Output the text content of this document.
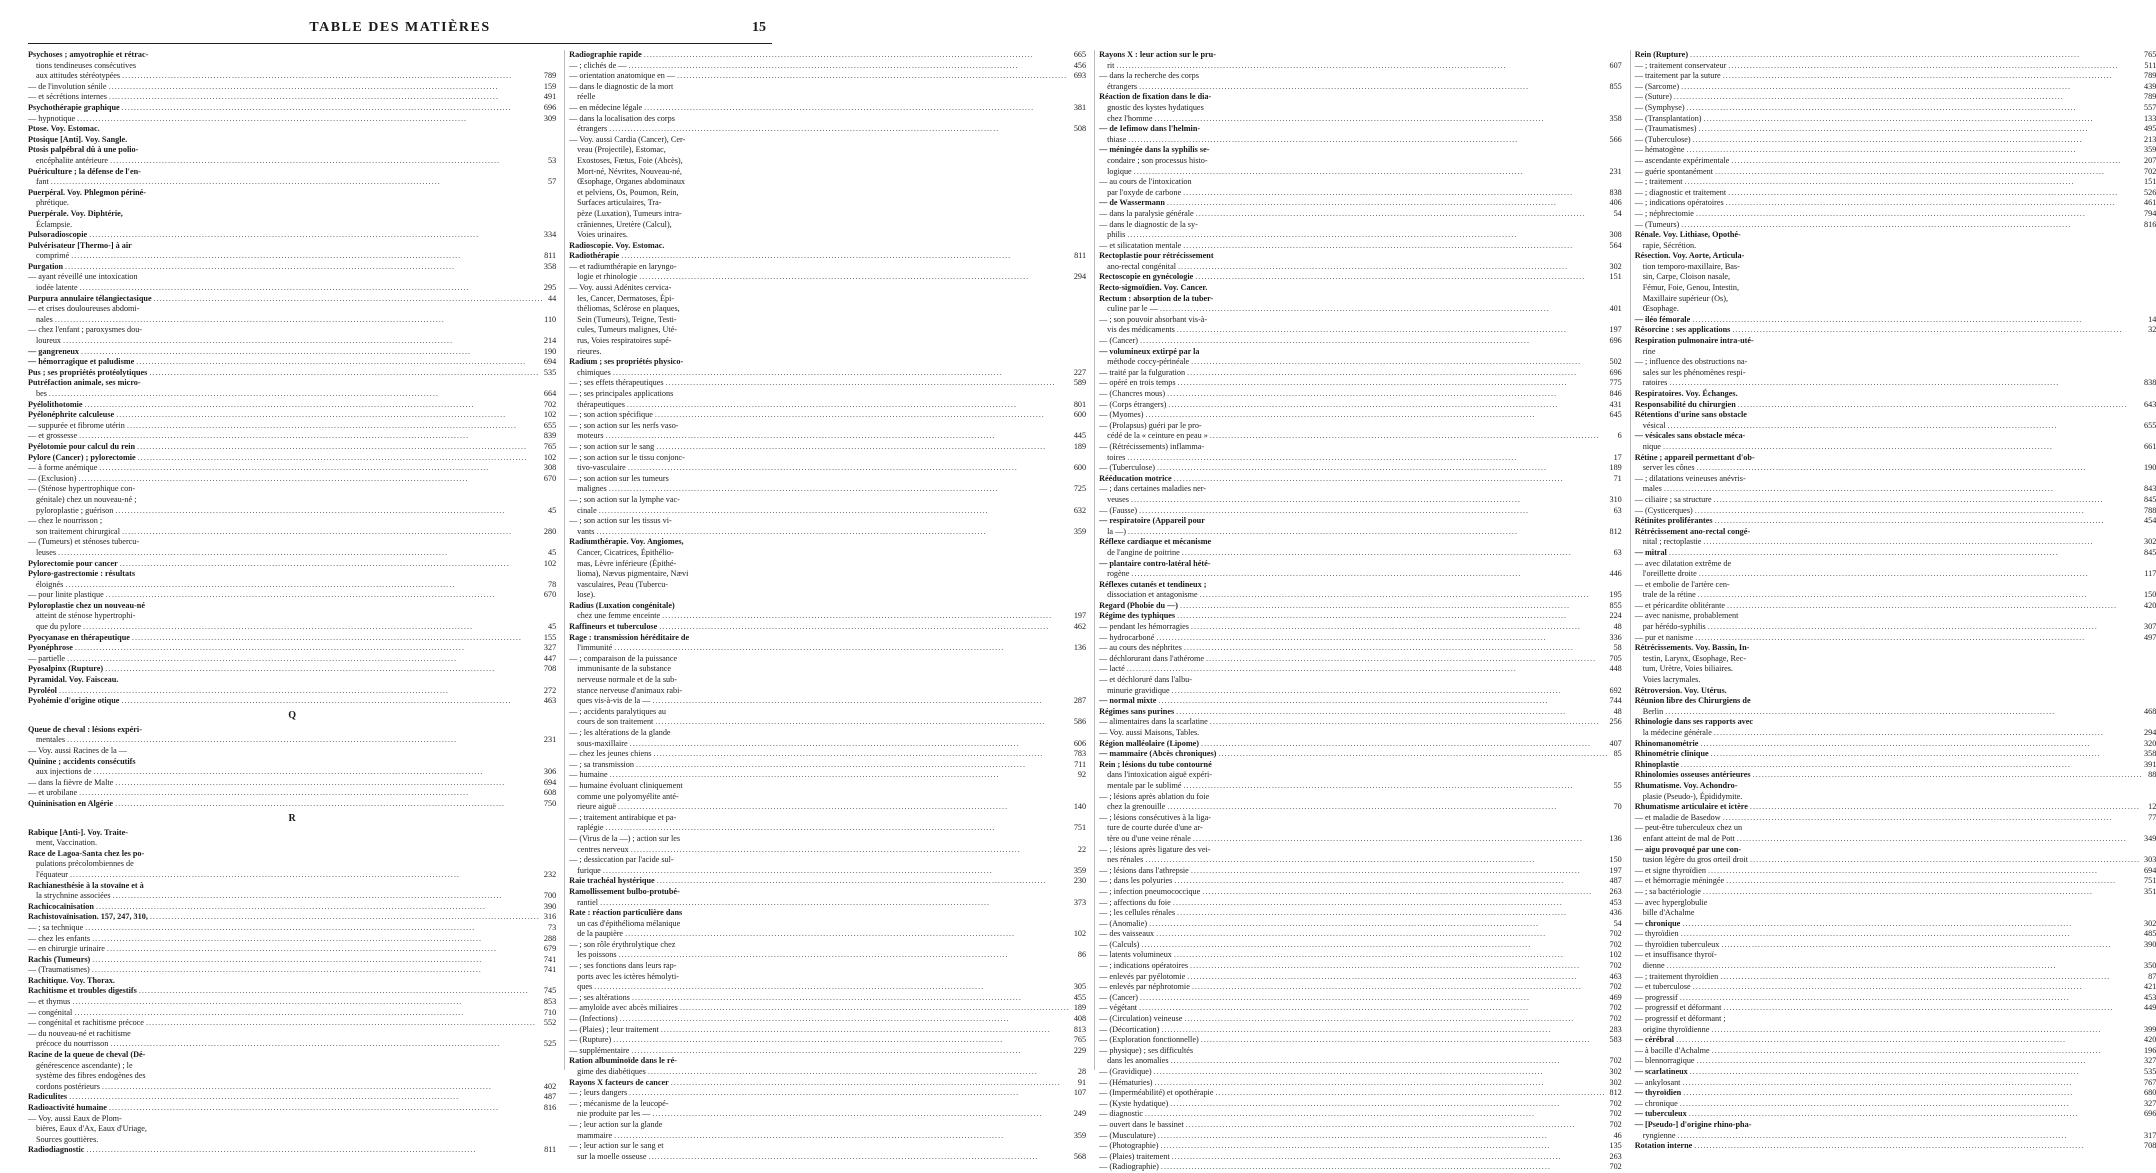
TABLE DES MATIÈRES	15
Psychoses ; amyotrophie et rétrac-
tions tendineuses consécutives
aux attitudes stéréotypées .....	789
— de l'involution sénile .....	159
— et sécrétions internes .....	491
Psychothérapie graphique .....	696
— hypnotique .....	309
Ptose. Voy. Estomac.
Ptosique [Anti]. Voy. Sangle.
Ptosis palpébral dû à une polio-
encéphalite antérieure .....	53
Puériculture ; la défense de l'en-
fant .....	57
Puerpéral. Voy. Phlegmon périné-
phrétique.
Puerpérale. Voy. Diphtérie,
Éclampsie.
Pulsoradioscopie .....	334
Pulvérisateur [Thermo-] à air
comprimé .....	811
Purgation .....	358
— ayant réveillé une intoxication
iodée latente .....	295
Purpura annulaire télangiectasique .....	44
— et crises douloureuses abdomi-
nales .....	110
— chez l'enfant ; paroxysmes dou-
loureux .....	214
— gangreneux .....	190
— hémorragique et paludisme .....	694
Pus ; ses propriétés protéolytiques .....	535
Putréfaction animale, ses micro-
bes .....	664
Pyélolithotomie .....	702
Pyélonéphrite calculeuse .....	102
— suppurée et fibrome utérin .....	655
— et grossesse .....	839
Pyélotomie pour calcul du rein .....	765
Pylore (Cancer) ; pylorectomie .....	102
— à forme anémique .....	308
— (Exclusion) .....	670
— (Sténose hypertrophique con-
génitale) chez un nouveau-né ;
pyloroplastie ; guérison .....	45
— chez le nourrisson ;
son traitement chirurgical .....	280
— (Tumeurs) et sténoses tubercu-
leuses .....	45
Pylorectomie pour cancer .....	102
Pyloro-gastrectomie : résultats
éloignés .....	78
— pour linite plastique .....	670
Pyloroplastie chez un nouveau-né
atteint de sténose hypertrophi-
que du pylore .....	45
Pyocyanase en thérapeutique .....	155
Pyonéphrose .....	327
— partielle .....	447
Pyosalpinx (Rupture) .....	708
Pyramidal. Voy. Faisceau.
Pyroléol .....	272
Pyohémie d'origine otique .....	463
Q
Queue de cheval : lésions expéri-
mentales .....	231
— Voy. aussi Racines de la —
Quinine ; accidents consécutifs
aux injections de .....	306
— dans la fièvre de Malte .....	694
— et urobilane .....	608
Quininisation en Algérie .....	750
R
Rabique [Anti-]. Voy. Traite-
ment, Vaccination.
Race de Lagoa-Santa chez les po-
pulations précolombiennes de
l'équateur .....	232
Rachianesthésie à la stovaïne et à
la strychnine associées .....	700
Rachicocaïnisation .....	390
Rachistovaïnisation. 157, 247, 310, .....	316
— ; sa technique .....	73
— chez les enfants .....	288
— en chirurgie urinaire .....	679
Rachis (Tumeurs) .....	741
— (Traumatismes) .....	741
Rachitique. Voy. Thorax.
Rachitisme et troubles digestifs .....	745
— et thymus .....	853
— congénital .....	710
— congénital et rachitisme précoce .....	552
— du nouveau-né et rachitisme
précoce du nourrisson .....	525
Racine de la queue de cheval (Dé-
générescence ascendante) ; le
système des fibres endogènes des
cordons postérieurs .....	402
Radiculites .....	487
Radioactivité humaine .....	816
— Voy. aussi Eaux de Plom-
bières, Eaux d'Ax, Eaux d'Uriage,
Sources gouttières.
Radiodiagnostic .....	811
Radiographie rapide .....	665
— ; clichés de — .....	456
— orientation anatomique en — .....	693
— dans le diagnostic de la mort
réelle
— en médecine légale .....	381
— dans la localisation des corps
étrangers .....	508
— Voy. aussi Cardia (Cancer), Cer-
veau (Projectile), Estomac,
Exostoses, Fœtus, Foie (Abcès),
Mort-né, Névrites, Nouveau-né,
Œsophage, Organes abdominaux
et pelviens, Os, Poumon, Rein,
Surfaces articulaires, Tra-
pèze (Luxation), Tumeurs intra-
crâniennes, Uretère (Calcul),
Voies urinaires.
Radioscopie. Voy. Estomac.
Radiothérapie .....	811
— et radiumthérapie en laryngo-
logie et rhinologie .....	294
— Voy. aussi Adénites cervica-
les, Cancer, Dermatoses, Épi-
théliomas, Sclérose en plaques,
Sein (Tumeurs), Teigne, Testi-
cules, Tumeurs malignes, Uté-
rus, Voies respiratoires supé-
rieures.
Radium ; ses propriétés physico-
chimiques .....	227
— ; ses effets thérapeutiques .....	589
— ; ses principales applications
thérapeutiques .....	801
— ; son action spécifique .....	600
— ; son action sur les nerfs vaso-
moteurs .....	445
— ; son action sur le sang .....	189
— ; son action sur le tissu conjonc-
tivo-vasculaire .....	600
— ; son action sur les tumeurs
malignes .....	725
— ; son action sur la lymphe vac-
cinale .....	632
— ; son action sur les tissus vi-
vants .....	359
Radiumthérapie. Voy. Angiomes,
Cancer, Cicatrices, Épithélio-
mas, Lèvre inférieure (Épithé-
lioma), Nævus pigmentaire, Nævi
vasculaires, Peau (Tubercu-
lose).
Radius (Luxation congénitale)
chez une femme enceinte .....	197
Raffineurs et tuberculose .....	462
Rage : transmission héréditaire de
l'immunité .....	136
— ; comparaison de la puissance
immunisante de la substance
nerveuse normale et de la sub-
stance nerveuse d'animaux rabi-
ques vis-à-vis de la — .....	287
— ; accidents paralytiques au
cours de son traitement .....	586
— ; les altérations de la glande
sous-maxillaire .....	606
— chez les jeunes chiens .....	783
— ; sa transmission .....	711
— humaine .....	92
— humaine évoluant cliniquement
comme une polyomyélite anté-
rieure aiguë .....	140
— ; traitement antirabique et pa-
raplégie .....	751
— (Virus de la —) ; action sur les
centres nerveux .....	22
— ; dessiccation par l'acide sul-
furique .....	359
Raie trachéal hystérique .....	230
Ramollissement bulbo-protubé-
rantiel .....	373
Rate : réaction particulière dans
un cas d'épithélioma mélanique
de la paupière .....	102
— ; son rôle érythrolytique chez
les poissons .....	86
— ; ses fonctions dans leurs rap-
ports avec les ictères hémolyti-
ques .....	305
— ; ses altérations .....	455
— amyloïde avec abcès miliaires .....	189
— (Infections) .....	408
— (Plaies) ; leur traitement .....	813
— (Rupture) .....	765
— supplémentaire .....	229
Ration albuminoïde dans le ré-
gime des diabétiques .....	28
Rayons X facteurs de cancer .....	91
— ; leurs dangers .....	107
— ; mécanisme de la leucopé-
nie produite par les — .....	249
— ; leur action sur la glande
mammaire .....	359
— ; leur action sur le sang et
sur la moelle osseuse .....	568
Rayons X : leur action sur le pru-
rit .....	607
— dans la recherche des corps
étrangers .....	855
Réaction de fixation dans le dia-
gnostic des kystes hydatiques
chez l'homme .....	358
— de Iefimow dans l'helmin-
thiase .....	566
— méningée dans la syphilis se-
condaire ; son processus histo-
logique .....	231
— au cours de l'intoxication
par l'oxyde de carbone .....	838
— de Wassermann .....	406
— dans la paralysie générale .....	54
— dans le diagnostic de la sy-
philis .....	308
— et silicatation mentale .....	564
Rectoplastie pour rétrécissement
ano-rectal congénital .....	302
Rectoscopie en gynécologie .....	151
Recto-sigmoïdien. Voy. Cancer.
Rectum : absorption de la tuber-
culine par le — .....	401
— ; son pouvoir absorbant vis-à-
vis des médicaments .....	197
— (Cancer) .....	696
— volumineux extirpé par la
méthode coccy-périnéale .....	502
— traité par la fulguration .....	696
— opéré en trois temps .....	775
— (Chancres mous) .....	846
— (Corps étrangers) .....	431
— (Myomes) .....	645
— (Prolapsus) guéri par le pro-
cédé de la « ceinture en peau » .....	6
— (Rétrécissements) inflamma-
toires .....	17
— (Tuberculose) .....	189
Rééducation motrice .....	71
— ; dans certaines maladies ner-
veuses .....	310
— (Fausse) .....	63
— respiratoire (Appareil pour
la —) .....	812
Réflexe cardiaque et mécanisme
de l'angine de poitrine .....	63
— plantaire contro-latéral hété-
rogène .....	446
Réflexes cutanés et tendineux ;
dissociation et antagonisme .....	195
Regard (Phobie du —) .....	855
Régime des typhiques .....	224
— pendant les hémorragies .....	48
— hydrocarboné .....	336
— au cours des néphrites .....	58
— déchlorurant dans l'athérome .....	705
— lacté .....	448
— et déchloruré dans l'albu-
minurie gravidique .....	692
— normal mixte .....	744
Régimes sans purines .....	48
— alimentaires dans la scarlatine .....	256
— Voy. aussi Maisons, Tables.
Région malléolaire (Lipome) .....	407
— mammaire (Abcès chroniques) .....	85
Rein ; lésions du tube contourné
dans l'intoxication aiguë expéri-
mentale par le sublimé .....	55
— ; lésions après ablation du foie
chez la grenouille .....	70
— ; lésions consécutives à la liga-
ture de courte durée d'une ar-
tère ou d'une veine rénale .....	136
— ; lésions après ligature des vei-
nes rénales .....	150
— ; lésions dans l'athrepsie .....	197
— ; dans les polyuries .....	487
— ; infection pneumococcique .....	263
— ; affections du foie .....	453
— ; les cellules rénales .....	436
— (Anomalie) .....	54
— des vaisseaux .....	702
— (Calculs) .....	702
— latents volumineux .....	102
— ; indications opératoires .....	702
— enlevés par pyélotomie .....	463
— enlevés par néphrotomie .....	702
— (Cancer) .....	469
— végétant .....	702
— (Circulation) veineuse .....	702
— (Décortication) .....	283
— (Exploration fonctionnelle) .....	583
— physique) ; ses difficultés
dans les anomalies .....	702
— (Gravidique) .....	302
— (Hématuries) .....	302
— (Imperméabilité) et opothérapie .....	812
— (Kyste hydatique) .....	702
— diagnostic .....	702
— ouvert dans le bassinet .....	702
— (Musculature) .....	46
— (Photographie) .....	135
— (Plaies) traitement .....	263
— (Radiographie) .....	702
Rein (Rupture) .....	765
— ; traitement conservateur .....	511
— traitement par la suture .....	789
— (Sarcome) .....	439
— (Suture) .....	789
— (Symphyse) .....	557
— (Transplantation) .....	133
— (Traumatismes) .....	495
— (Tuberculose) .....	213
— hématogène .....	359
— ascendante expérimentale .....	207
— guérie spontanément .....	702
— ; traitement .....	151
— ; diagnostic et traitement .....	526
— ; indications opératoires .....	461
— ; néphrectomie .....	794
— (Tumeurs) .....	816
Rénale. Voy. Lithiase, Opothé-
rapie, Sécrétion.
Résection. Voy. Aorte, Articula-
tion temporo-maxillaire, Bas-
sin, Carpe, Cloison nasale,
Fémur, Foie, Genou, Intestin,
Maxillaire supérieur (Os),
Œsophage.
— iléo fémorale .....	14
Résorcine : ses applications .....	32
Respiration pulmonaire intra-uté-
rine
— ; influence des obstructions na-
sales sur les phénomènes respi-
ratoires .....	838
Respiratoires. Voy. Échanges.
Responsabilité du chirurgien .....	643
Rétentions d'urine sans obstacle
vésical .....	655
— vésicales sans obstacle méca-
nique .....	661
Rétine ; appareil permettant d'ob-
server les cônes .....	190
— ; dilatations veineuses anévris-
males .....	843
— ciliaire ; sa structure .....	845
— (Cysticerques) .....	788
Rétinites proliférantes .....	454
Rétrécissement ano-rectal congé-
nital ; rectoplastie .....	302
— mitral .....	845
— avec dilatation extrême de
l'oreillette droite .....	117
— et embolie de l'artère cen-
trale de la rétine .....	150
— et péricardite oblitérante .....	420
— avec nanisme, probablement
par hérédo-syphilis .....	307
— pur et nanisme .....	497
Rétrécissements. Voy. Bassin, In-
testin, Larynx, Œsophage, Rec-
tum, Urètre, Voies biliaires.
Voies lacrymales.
Rétroversion. Voy. Utérus.
Réunion libre des Chirurgiens de
Berlin .....	468
Rhinologie dans ses rapports avec
la médecine générale .....	294
Rhinomanométrie .....	320
Rhinométrie clinique .....	358
Rhinoplastie .....	391
Rhinolomies osseuses antérieures .....	88
Rhumatisme. Voy. Achondro-
plasie (Pseudo-), Épididymite.
Rhumatisme articulaire et ictère .....	12
— et maladie de Basedow .....	77
— peut-être tuberculeux chez un
enfant atteint de mal de Pott .....	349
— aigu provoqué par une con-
tusion légère du gros orteil droit .....	303
— et signe thyroïdien .....	694
— et hémorragie méningée .....	751
— ; sa bactériologie .....	351
— avec hyperglobulie
bille d'Achalme
— chronique .....	302
— thyroïdien .....	485
— thyroïdien tuberculeux .....	390
— et insuffisance thyroï-
dienne .....	350
— ; traitement thyroïdien .....	87
— et tuberculose .....	421
— progressif .....	453
— progressif et déformant .....	449
— progressif et déformant ;
origine thyroïdienne .....	399
— cérébral .....	420
— à bacille d'Achalme .....	196
— blennorragique .....	327
— scarlatineux .....	535
— ankylosant .....	767
— thyroïdien .....	680
— chronique .....	327
— tuberculeux .....	696
— [Pseudo-] d'origine rhino-pha-
ryngienne .....	317
Rotation interne .....	708
